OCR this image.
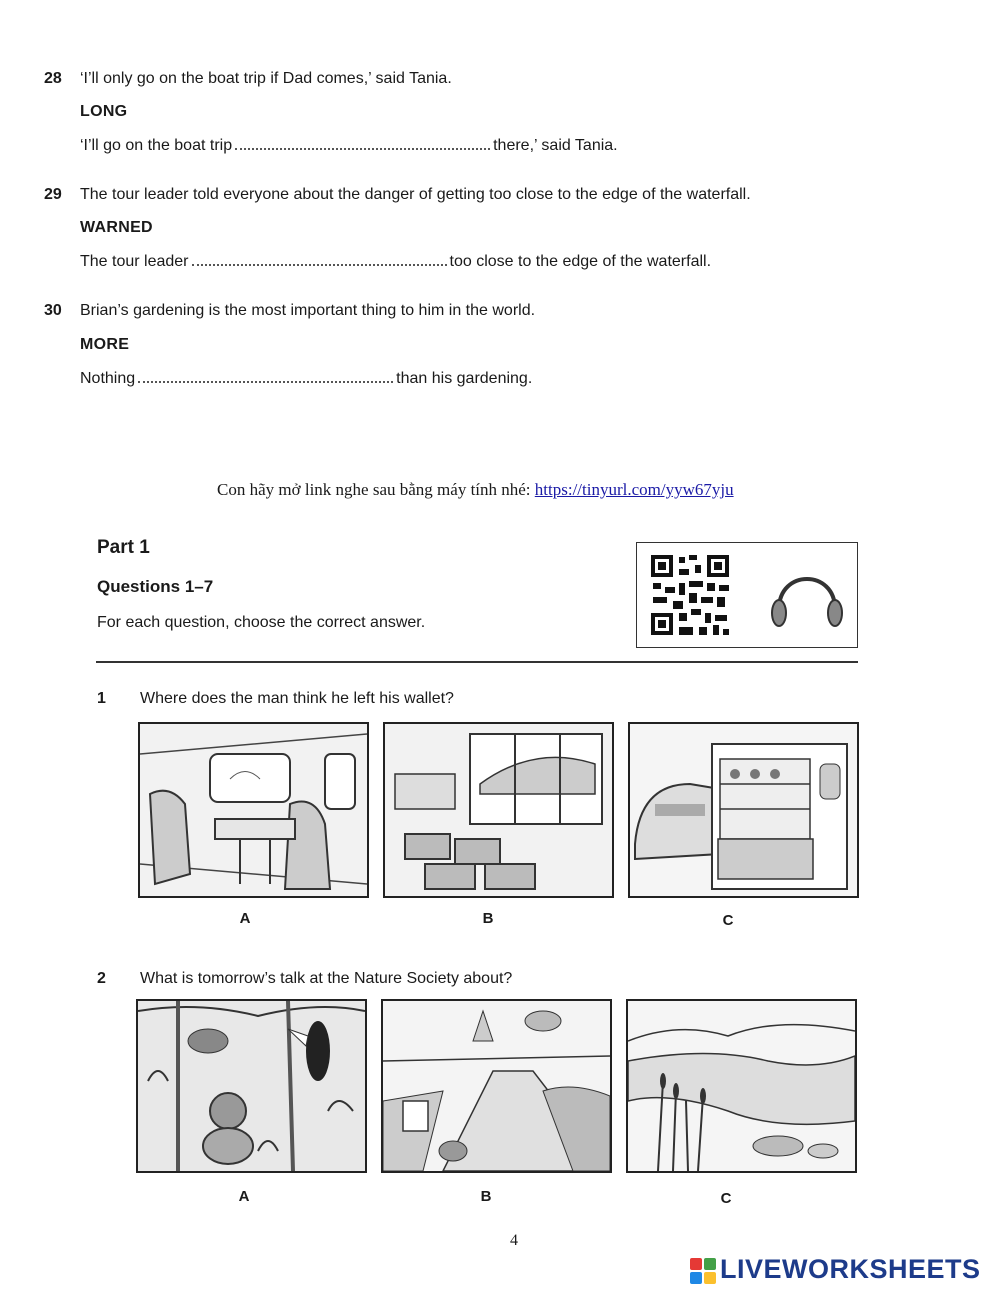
28 ‘I’ll only go on the boat trip if Dad comes,’ said Tania.
LONG
‘I’ll go on the boat trip	there,’ said Tania.
29 The tour leader told everyone about the danger of getting too close to the edge of the waterfall.
WARNED
The tour leader	too close to the edge of the waterfall.
30 Brian’s gardening is the most important thing to him in the world.
MORE
Nothing	than his gardening.
Con hãy mở link nghe sau bằng máy tính nhé: https://tinyurl.com/yyw67yju
Part 1
Questions 1–7
For each question, choose the correct answer.
1 Where does the man think he left his wallet?
A	B	C
2 What is tomorrow’s talk at the Nature Society about?
A	B	C
4
LIVEWORKSHEETS
